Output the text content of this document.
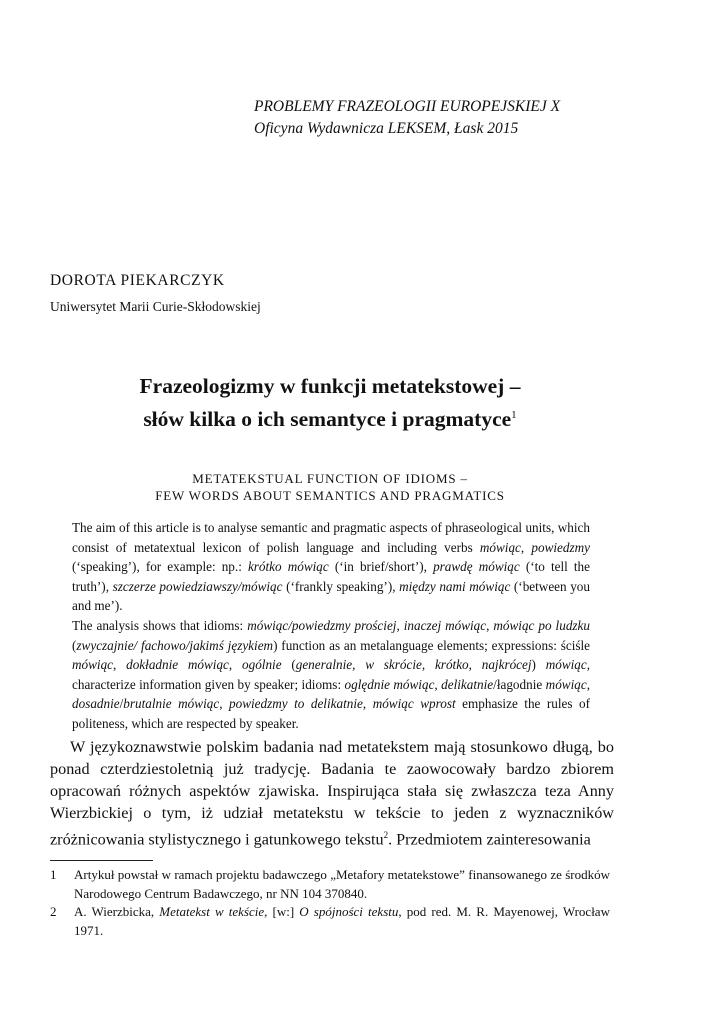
PROBLEMY FRAZEOLOGII EUROPEJSKIEJ X
Oficyna Wydawnicza LEKSEM, Łask 2015
DOROTA PIEKARCZYK
Uniwersytet Marii Curie-Skłodowskiej
Frazeologizmy w funkcji metatekstowej –
słów kilka o ich semantyce i pragmatyce$^1$
METATEKSTUAL FUNCTION OF IDIOMS –
FEW WORDS ABOUT SEMANTICS AND PRAGMATICS

The aim of this article is to analyse semantic and pragmatic aspects of phraseological units, which consist of metatextual lexicon of polish language and including verbs mówiąc, powiedzmy (‘speaking’), for example: np.: krótko mówiąc (‘in brief/short’), prawdę mówiąc (‘to tell the truth’), szczerze powiedziawszy/mówiąc (‘frankly speaking’), między nami mówiąc (‘between you and me’).

The analysis shows that idioms: mówiąc/powiedzmy prościej, inaczej mówiąc, mówiąc po ludzku (zwyczajnie/ fachowo/jakimś językiem) function as an metalanguage elements; expressions: ściśle mówiąc, dokładnie mówiąc, ogólnie (generalnie, w skrócie, krótko, najkrócej) mówiąc, characterize information given by speaker; idioms: oględnie mówiąc, delikatnie/łagodnie mówiąc, dosadnie/brutalnie mówiąc, powiedzmy to delikatnie, mówiąc wprost emphasize the rules of politeness, which are respected by speaker.

W językoznawstwie polskim badania nad metatekstem mają stosunkowo długą, bo ponad czterdziestoletnią już tradycję. Badania te zaowocowały bardzo zbiorem opracowań różnych aspektów zjawiska. Inspirująca stała się zwłaszcza teza Anny Wierzbickiej o tym, iż udział metatekstu w tekście to jeden z wyznaczników zróżnicowania stylistycznego i gatunkowego tekstu$^2$. Przedmiotem zainteresowania

1	Artykuł powstał w ramach projektu badawczego „Metafory metatekstowe” finansowanego ze środków Narodowego Centrum Badawczego, nr NN 104 370840.
2	A. Wierzbicka, Metatekst w tekście, [w:] O spójności tekstu, pod red. M. R. Mayenowej, Wrocław 1971.
